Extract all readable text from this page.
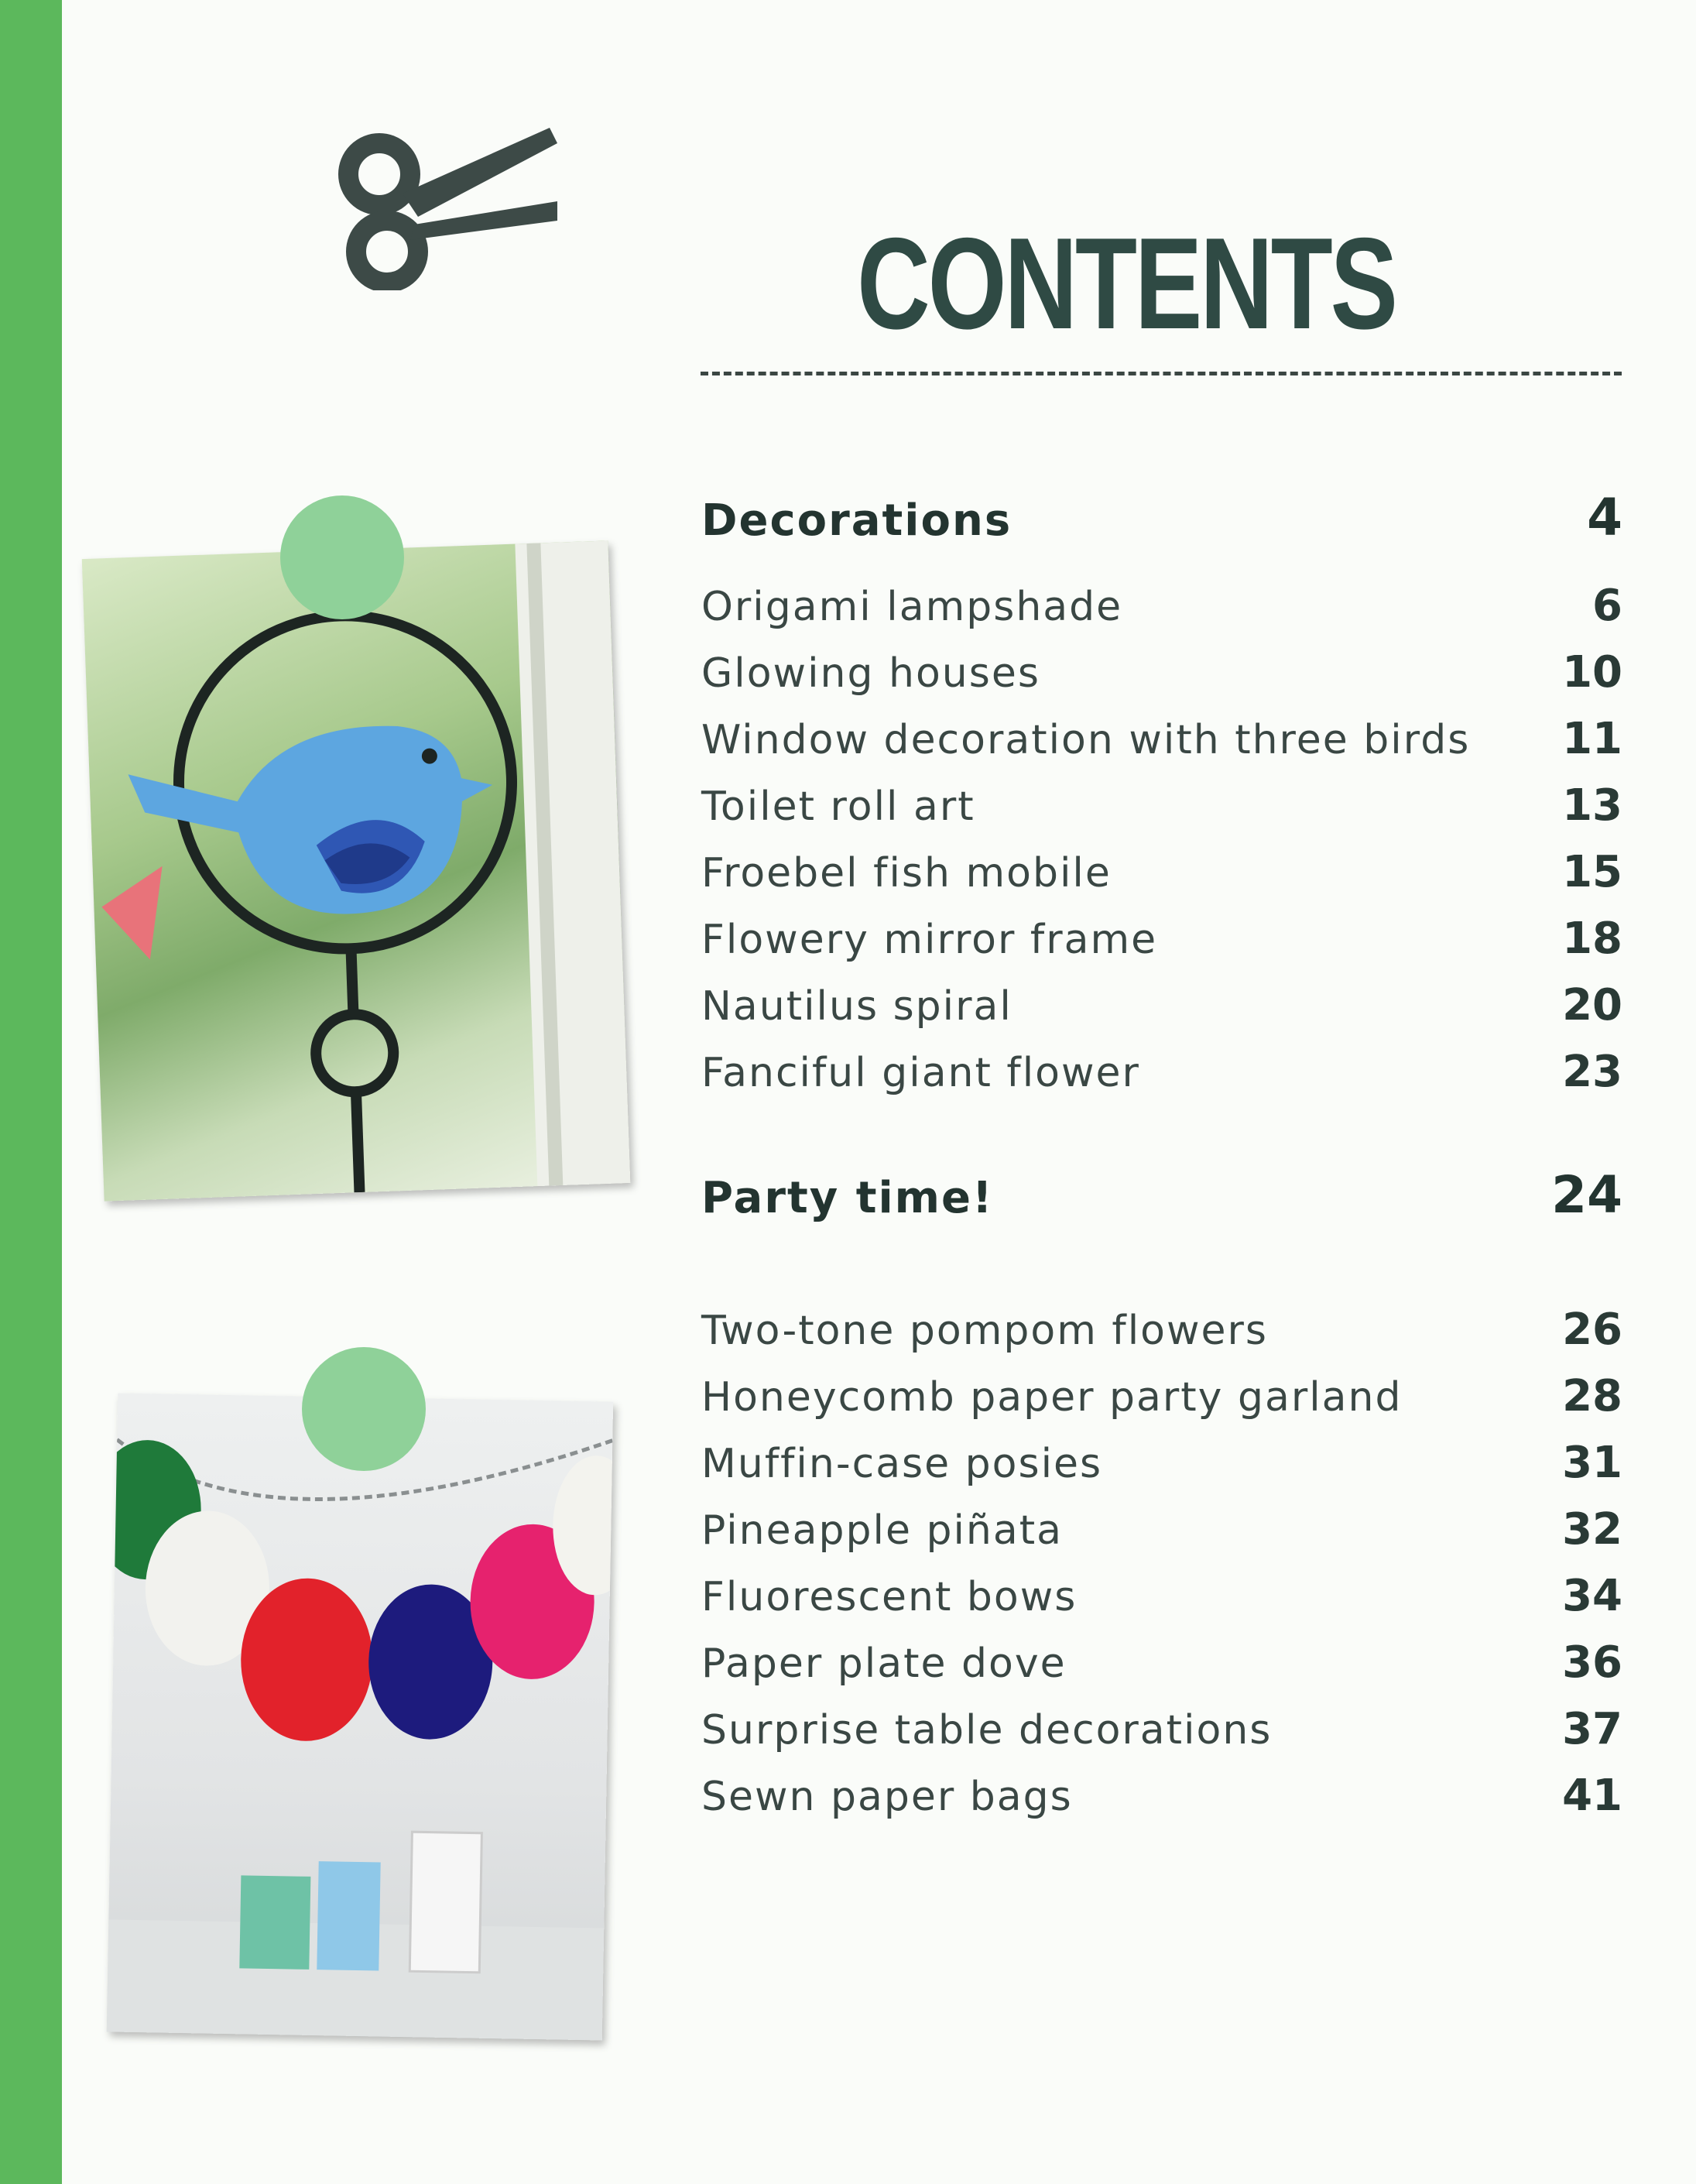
CONTENTS
Decorations	4
Origami lampshade	6
Glowing houses	10
Window decoration with three birds 11
Toilet roll art	13
Froebel fish mobile	15
Flowery mirror frame	18
Nautilus spiral	20
Fanciful giant flower	23
Party time!	24
Two-tone pompom flowers	26
Honeycomb paper party garland	28
Muffin-case posies	31
Pineapple piñata	32
Fluorescent bows	34
Paper plate dove	36
Surprise table decorations	37
Sewn paper bags	41
